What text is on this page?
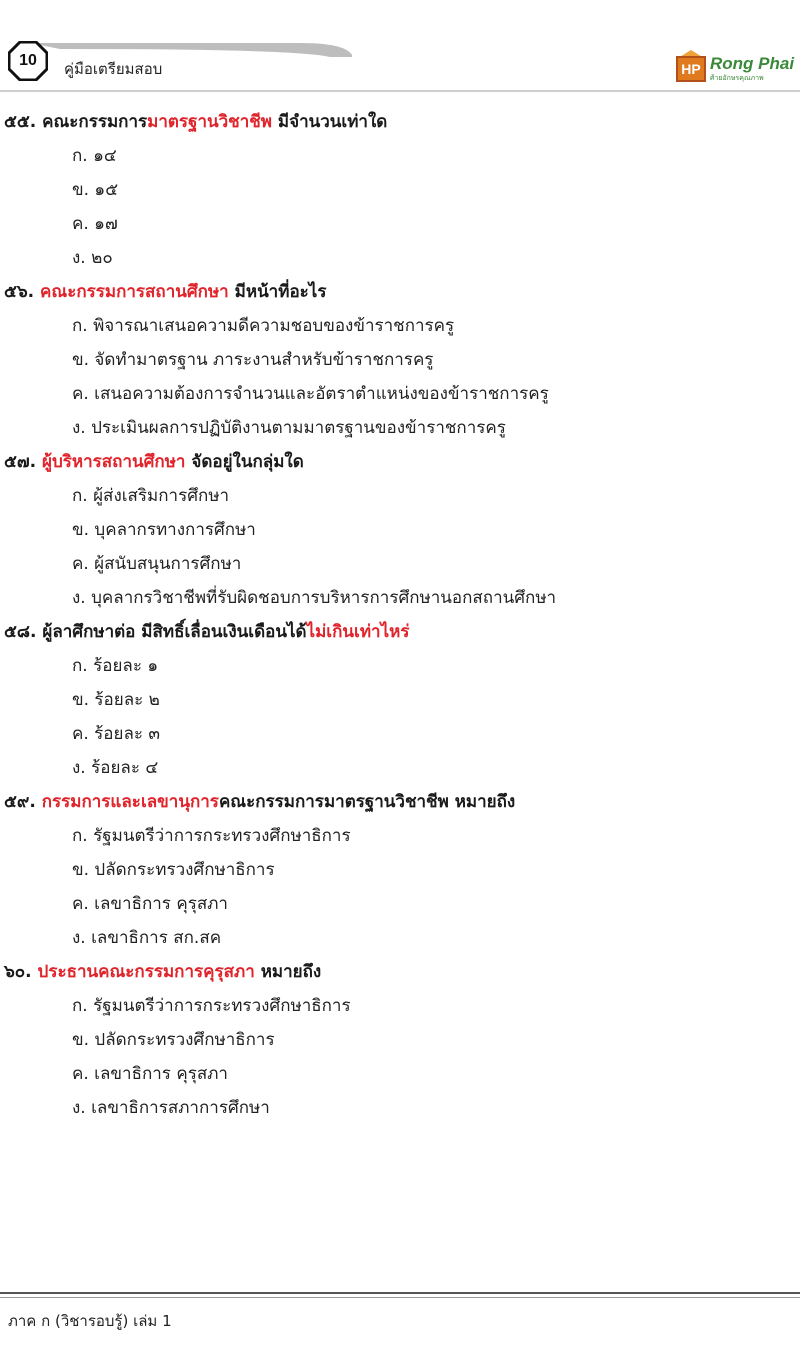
10 คู่มือเตรียมสอบ	HP Rong Phai
ศ้ายอักษรคุณภาพ
๕๕. คณะกรรมการมาตรฐานวิชาชีพ มีจำนวนเท่าใด
ก. ๑๔
ข. ๑๕
ค. ๑๗
ง. ๒๐
๕๖. คณะกรรมการสถานศึกษา มีหน้าที่อะไร
ก. พิจารณาเสนอความดีความชอบของข้าราชการครู
ข. จัดทำมาตรฐาน ภาระงานสำหรับข้าราชการครู
ค. เสนอความต้องการจำนวนและอัตราตำแหน่งของข้าราชการครู
ง. ประเมินผลการปฏิบัติงานตามมาตรฐานของข้าราชการครู
๕๗. ผู้บริหารสถานศึกษา จัดอยู่ในกลุ่มใด
ก. ผู้ส่งเสริมการศึกษา
ข. บุคลากรทางการศึกษา
ค. ผู้สนับสนุนการศึกษา
ง. บุคลากรวิชาชีพที่รับผิดชอบการบริหารการศึกษานอกสถานศึกษา
๕๘. ผู้ลาศึกษาต่อ มีสิทธิ์เลื่อนเงินเดือนได้ไม่เกินเท่าไหร่
ก. ร้อยละ ๑
ข. ร้อยละ ๒
ค. ร้อยละ ๓
ง. ร้อยละ ๔
๕๙. กรรมการและเลขานุการคณะกรรมการมาตรฐานวิชาชีพ หมายถึง
ก. รัฐมนตรีว่าการกระทรวงศึกษาธิการ
ข. ปลัดกระทรวงศึกษาธิการ
ค. เลขาธิการ คุรุสภา
ง. เลขาธิการ สก.สค
๖๐. ประธานคณะกรรมการคุรุสภา หมายถึง
ก. รัฐมนตรีว่าการกระทรวงศึกษาธิการ
ข. ปลัดกระทรวงศึกษาธิการ
ค. เลขาธิการ คุรุสภา
ง. เลขาธิการสภาการศึกษา
ภาค ก (วิชารอบรู้) เล่ม 1
